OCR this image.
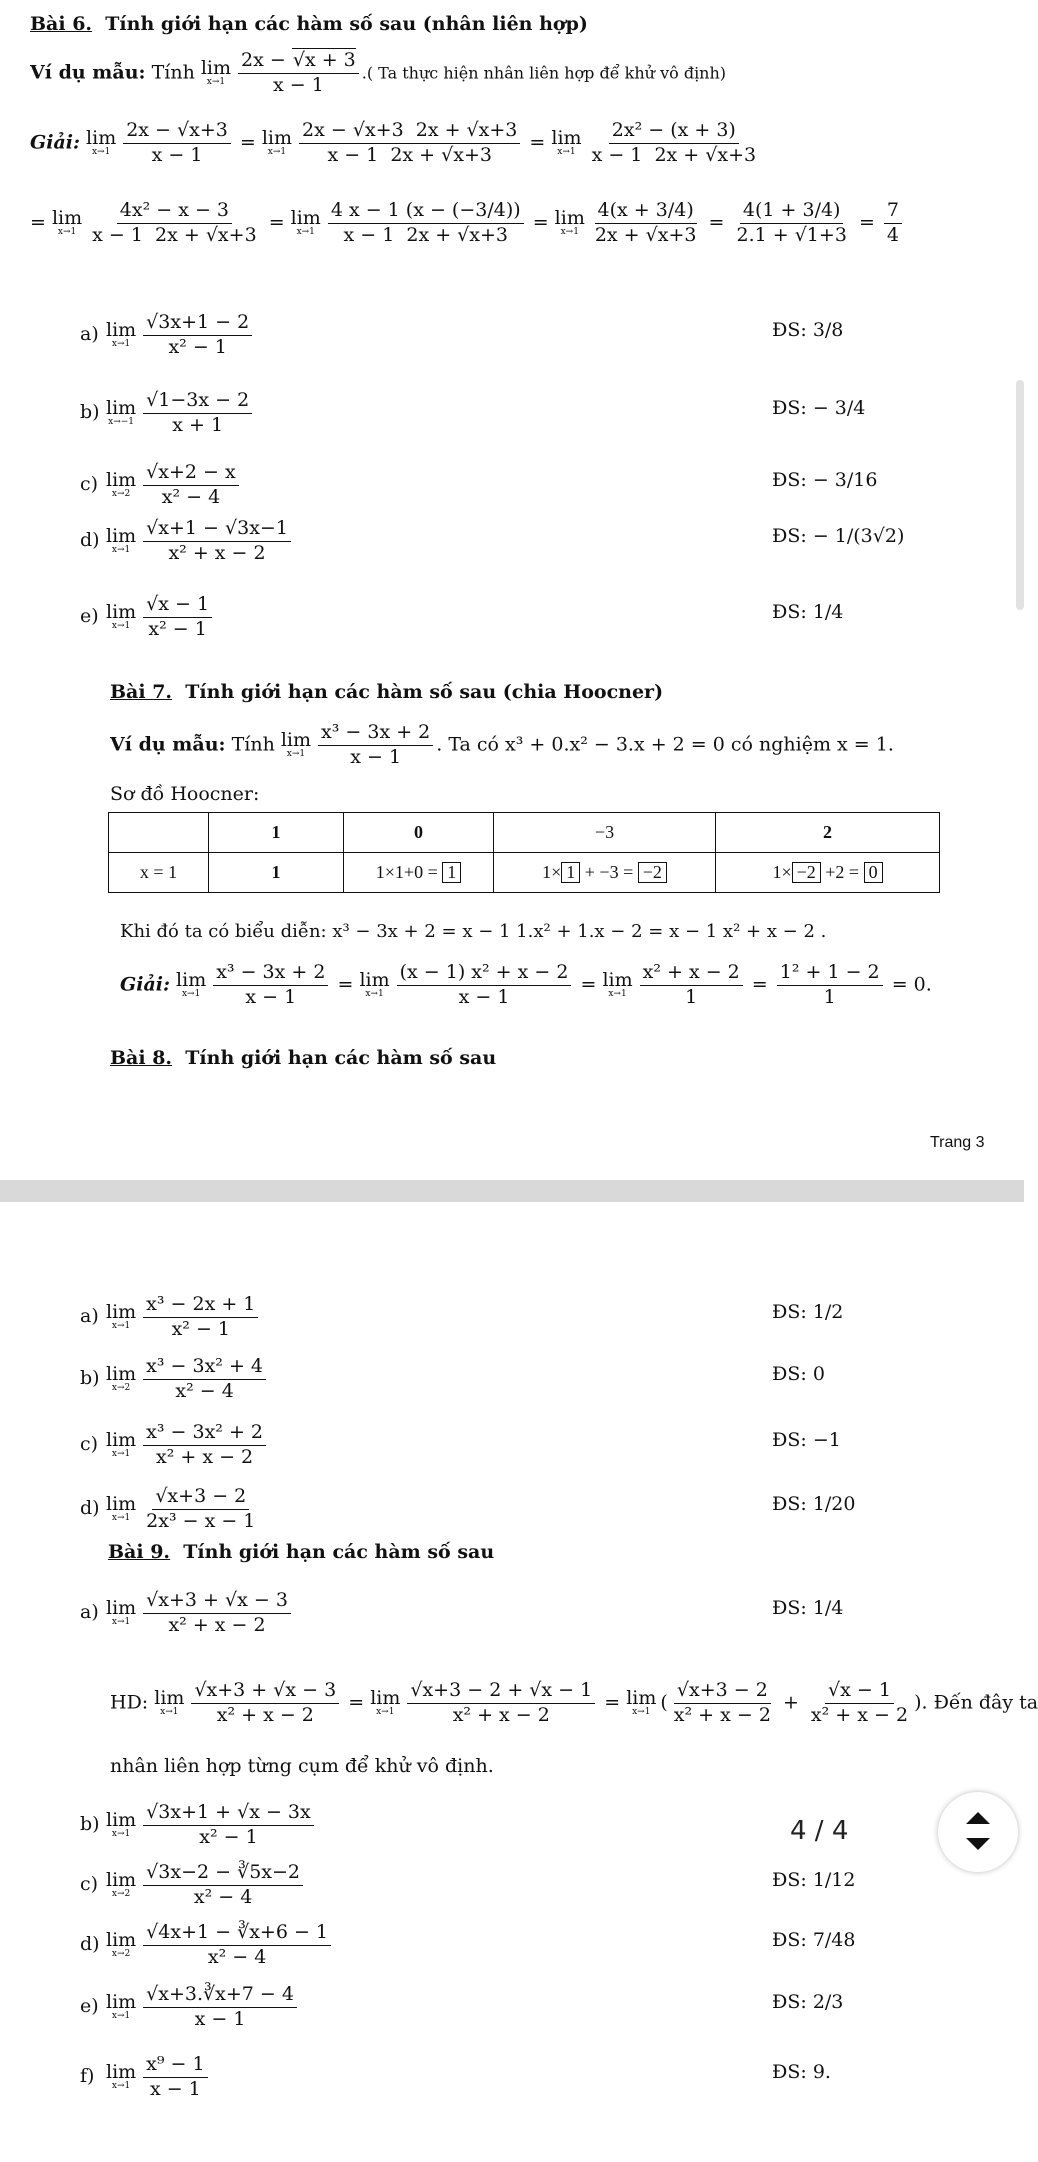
Bài 6. Tính giới hạn các hàm số sau (nhân liên hợp)
Ví dụ mẫu: Tính lim
$x\to 1 \frac{2x - √x + 3}{x - 1}$ .( Ta thực hiện nhân liên hợp để khử vô định)
Giải: lim
$x\to 1 \frac{2x - √x+3}{x - 1} = \lim$
$x\to 1 \frac{2x - √x+3 2x + √x+3}{x - 1 2x + √x+3} = \lim$
$x\to 1 \frac{\text{2x² − (x + 3)}}{x - 1 2x + √x+3}$
= lim
$x\to 1 \frac{\text{4x² − x − 3}}{x - 1 2x + √x+3} = \lim$
$x\to 1 \frac{4 x - 1 (x - (-3/4))}{x - 1 2x + √x+3} = \lim$
$x\to 1 \frac{4(x + 3/4)}{2x + √x+3} = \frac{4(1 + 3/4)}{2.1 + √1+3} = \frac{7}{4}$
a) lim
$x\to 1 \frac{√3x+1 - 2}{\text{x² − 1}}$	ĐS: 3/8
b) lim
$x\to-1 \frac{√1-3x - 2}{x + 1}$	ĐS: − 3/4
c) lim
$x\to 2 \frac{√x+2 - x}{\text{x² − 4}}$	ĐS: − 3/16
d) lim
$x\to 1 \frac{√x+1 - √3x-1}{\text{x² + x − 2}}$	ĐS: − 1/(3√2)
e) lim
$x\to 1 \frac{√x - 1}{\text{x² − 1}}$	ĐS: 1/4
Bài 7. Tính giới hạn các hàm số sau (chia Hoocner)
Ví dụ mẫu: Tính lim
$x\to 1 \frac{\text{x³ − 3x + 2}}{x - 1}$ . Ta có x³ + 0.x² − 3.x + 2 = 0 có nghiệm x = 1.
Sơ đồ Hoocner:
	1	0	−3	2
x = 1	1	1×1+0 = 1	1× 1 + −3 = −2	1× −2 +2 = 0
Khi đó ta có biểu diễn: x³ − 3x + 2 = x − 1 1.x² + 1.x − 2 = x − 1 x² + x − 2 .
Giải: lim
$x\to 1 \frac{\text{x³ − 3x + 2}}{x - 1} = \lim$
$x\to 1 \frac{\text{(x − 1) x² + x − 2}}{x - 1} = \lim$
$x\to 1 \frac{\text{x² + x − 2}}{1} = \frac{\text{1² + 1 − 2}}{1} = 0$.
Bài 8. Tính giới hạn các hàm số sau
Trang 3
a) lim
$x\to 1 \frac{\text{x³ − 2x + 1}}{\text{x² − 1}}$	ĐS: 1/2
b) lim
$x\to 2 \frac{\text{x³ − 3x² + 4}}{\text{x² − 4}}$	ĐS: 0
c) lim
$x\to 1 \frac{\text{x³ − 3x² + 2}}{\text{x² + x − 2}}$	ĐS: −1
d) lim
$x\to 1 \frac{√x+3 - 2}{\text{2x³ − x − 1}}$	ĐS: 1/20
Bài 9. Tính giới hạn các hàm số sau
a) lim
$x\to 1 \frac{√x+3 + √x - 3}{\text{x² + x − 2}}$	ĐS: 1/4
b) lim
$x\to 1 \frac{√3x+1 + √x - 3x}{\text{x² − 1}}$
c) lim
$x\to 2 \frac{√3x-2 - ∛5x-2}{\text{x² − 4}}$	ĐS: 1/12
d) lim
$x\to 2 \frac{√4x+1 - ∛x+6 - 1}{\text{x² − 4}}$	ĐS: 7/48
e) lim
$x\to 1 \frac{√x+3.∛x+7 - 4}{x - 1}$	ĐS: 2/3
f) lim
$x\to 1 \frac{\text{x⁹ − 1}}{x - 1}$	ĐS: 9.
HD: lim
$x\to 1 \frac{√x+3 + √x - 3}{\text{x² + x − 2}} = \lim$
$x\to 1 \frac{√x+3 - 2 + √x - 1}{\text{x² + x − 2}} = \lim$
x→1 ( $\frac{√x+3 - 2}{\text{x² + x − 2}} + \frac{√x - 1}{\text{x² + x − 2}}$ ). Đến đây ta
nhân liên hợp từng cụm để khử vô định.
4 / 4
